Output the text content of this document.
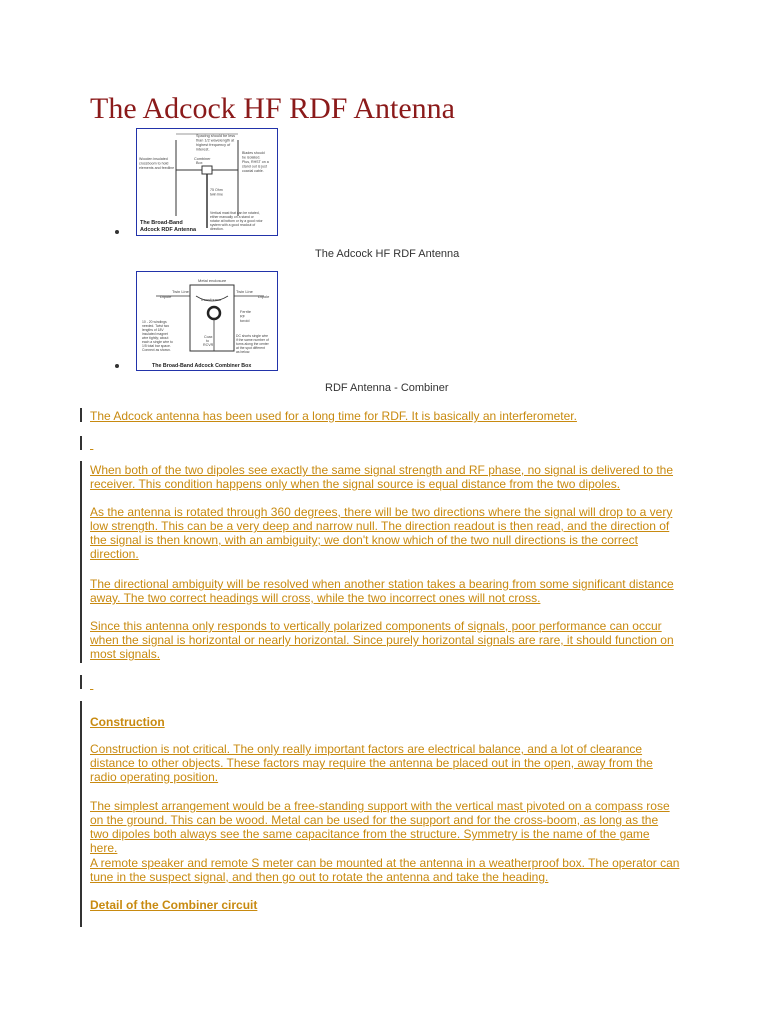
The Adcock HF RDF Antenna
Spacing should be less
than 1/2 wavelength at
highest frequency of
interest.
Combiner
Box
Wooden insulated
crossboom to hold
elements and feedline
Blades should
be isolated.
Plus, RHST on a
stand out is just
coaxial cable.
75 Ohm
twin line
Vertical mast that can be rotated,
either manually on a stand or
rotator at bottom or by a good rotor
system with a good readout of
direction.
The Broad-Band
Adcock RDF Antenna
The Adcock HF RDF Antenna
Metal enclosure
Twin Line	Twin Line
Dipole	Dipole
Transformer
Ferrite
RF
toroid
10 - 20 windings
needed. Twist two
lengths of 18V
insulated magnet
wire tightly; about
each a single wire to
1/5 total bar space.
Connect as shown.
Coax
to
RCVR
DC shorts single wire
if the same number of
turns along the center
at the spot different
as below.
The Broad-Band Adcock Combiner Box
RDF Antenna - Combiner

The Adcock antenna has been used for a long time for RDF. It is basically an interferometer.

When both of the two dipoles see exactly the same signal strength and RF phase, no signal is delivered to the receiver. This condition happens only when the signal source is equal distance from the two dipoles.

As the antenna is rotated through 360 degrees, there will be two directions where the signal will drop to a very low strength. This can be a very deep and narrow null. The direction readout is then read, and the direction of the signal is then known, with an ambiguity; we don't know which of the two null directions is the correct direction.

The directional ambiguity will be resolved when another station takes a bearing from some significant distance away. The two correct headings will cross, while the two incorrect ones will not cross.

Since this antenna only responds to vertically polarized components of signals, poor performance can occur when the signal is horizontal or nearly horizontal. Since purely horizontal signals are rare, it should function on most signals.

Construction

Construction is not critical. The only really important factors are electrical balance, and a lot of clearance distance to other objects. These factors may require the antenna be placed out in the open, away from the radio operating position.

The simplest arrangement would be a free-standing support with the vertical mast pivoted on a compass rose on the ground. This can be wood. Metal can be used for the support and for the cross-boom, as long as the two dipoles both always see the same capacitance from the structure. Symmetry is the name of the game here.

A remote speaker and remote S meter can be mounted at the antenna in a weatherproof box. The operator can tune in the suspect signal, and then go out to rotate the antenna and take the heading.

Detail of the Combiner circuit
